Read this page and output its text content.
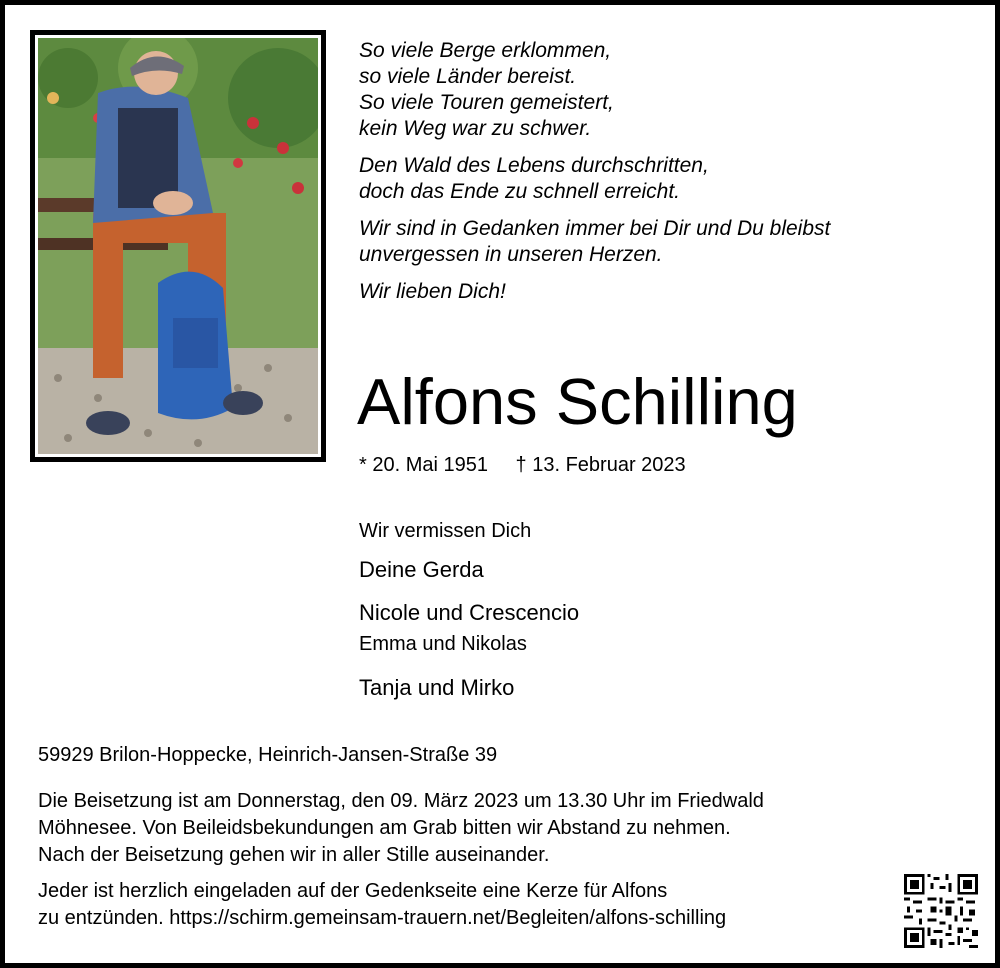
So viele Berge erklommen,
so viele Länder bereist.
So viele Touren gemeistert,
kein Weg war zu schwer.
Den Wald des Lebens durchschritten,
doch das Ende zu schnell erreicht.
Wir sind in Gedanken immer bei Dir und Du bleibst
unvergessen in unseren Herzen.
Wir lieben Dich!
Alfons Schilling
* 20. Mai 1951 † 13. Februar 2023
Wir vermissen Dich
Deine Gerda
Nicole und Crescencio
Emma und Nikolas
Tanja und Mirko
59929 Brilon-Hoppecke, Heinrich-Jansen-Straße 39
Die Beisetzung ist am Donnerstag, den 09. März 2023 um 13.30 Uhr im Friedwald
Möhnesee. Von Beileidsbekundungen am Grab bitten wir Abstand zu nehmen.
Nach der Beisetzung gehen wir in aller Stille auseinander.
Jeder ist herzlich eingeladen auf der Gedenkseite eine Kerze für Alfons
zu entzünden. https://schirm.gemeinsam-trauern.net/Begleiten/alfons-schilling
